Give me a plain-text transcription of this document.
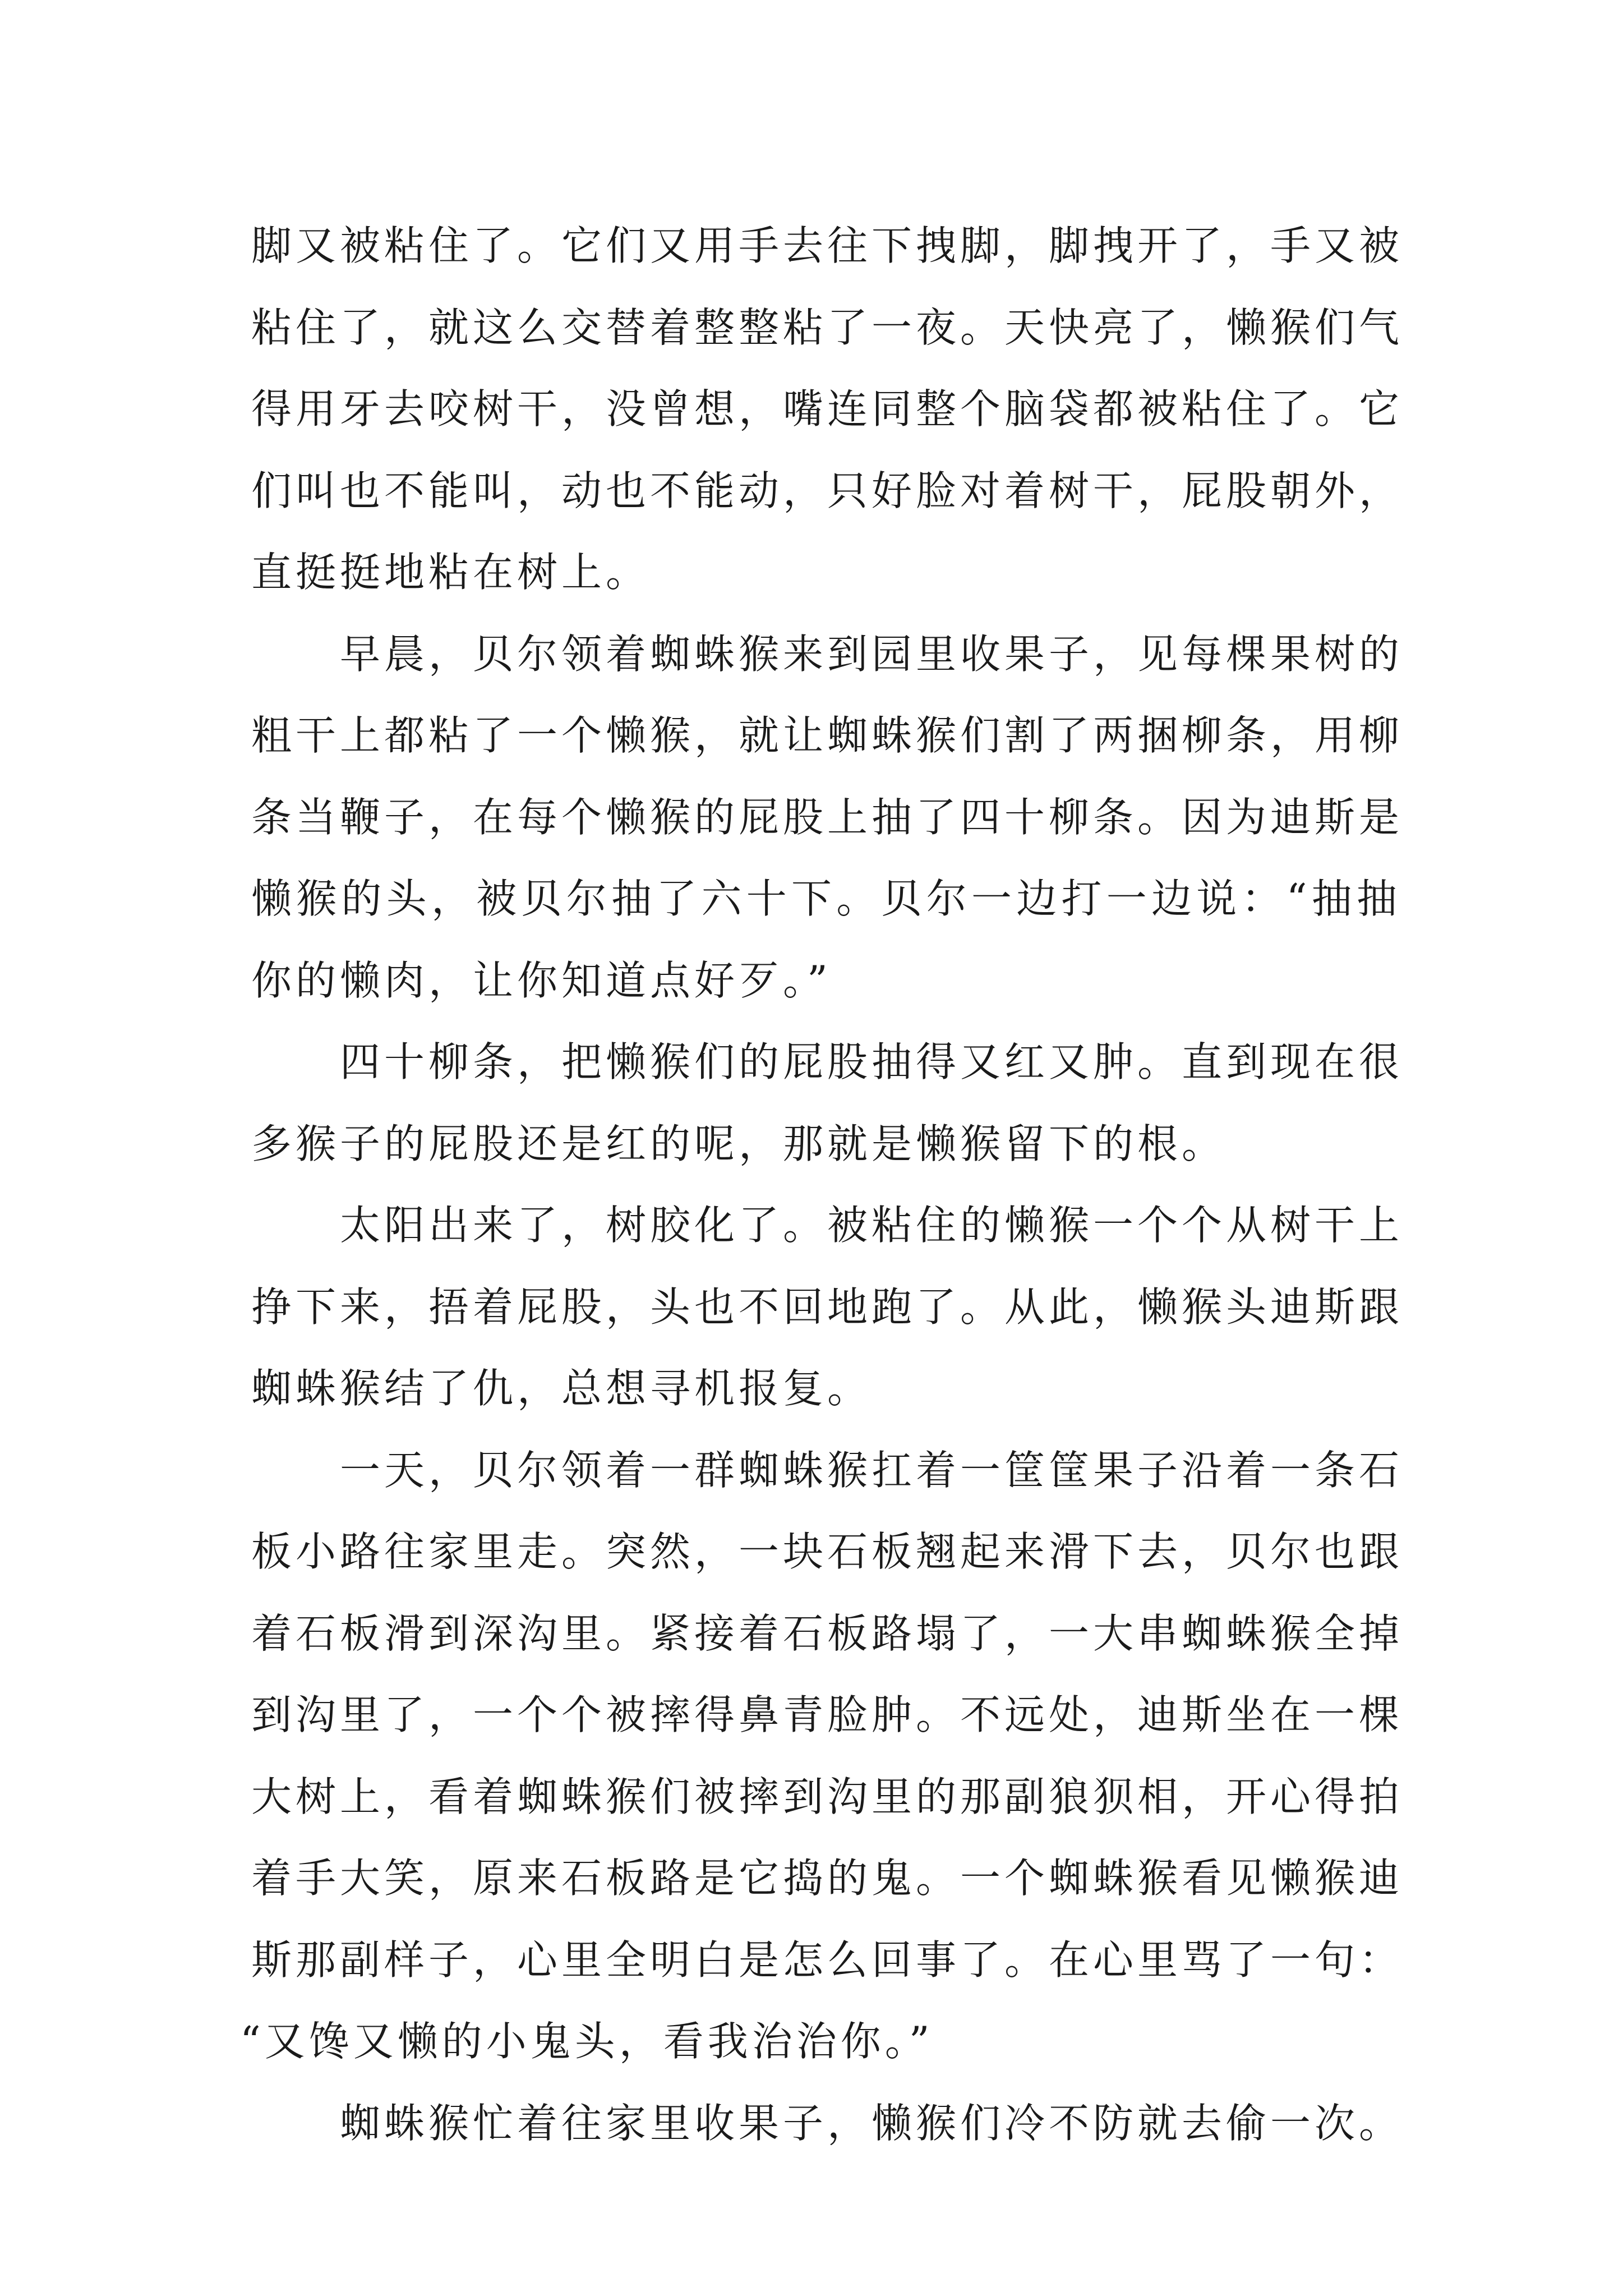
脚又被粘住了。它们又用手去往下拽脚，脚拽开了，手又被
粘住了，就这么交替着整整粘了一夜。天快亮了，懒猴们气
得用牙去咬树干，没曾想，嘴连同整个脑袋都被粘住了。它
们叫也不能叫，动也不能动，只好脸对着树干，屁股朝外，
直挺挺地粘在树上。
早晨，贝尔领着蜘蛛猴来到园里收果子，见每棵果树的
粗干上都粘了一个懒猴，就让蜘蛛猴们割了两捆柳条，用柳
条当鞭子，在每个懒猴的屁股上抽了四十柳条。因为迪斯是
懒猴的头，被贝尔抽了六十下。贝尔一边打一边说：“抽抽
你的懒肉，让你知道点好歹。”
四十柳条，把懒猴们的屁股抽得又红又肿。直到现在很
多猴子的屁股还是红的呢，那就是懒猴留下的根。
太阳出来了，树胶化了。被粘住的懒猴一个个从树干上
挣下来，捂着屁股，头也不回地跑了。从此，懒猴头迪斯跟
蜘蛛猴结了仇，总想寻机报复。
一天，贝尔领着一群蜘蛛猴扛着一筐筐果子沿着一条石
板小路往家里走。突然，一块石板翘起来滑下去，贝尔也跟
着石板滑到深沟里。紧接着石板路塌了，一大串蜘蛛猴全掉
到沟里了，一个个被摔得鼻青脸肿。不远处，迪斯坐在一棵
大树上，看着蜘蛛猴们被摔到沟里的那副狼狈相，开心得拍
着手大笑，原来石板路是它捣的鬼。一个蜘蛛猴看见懒猴迪
斯那副样子，心里全明白是怎么回事了。在心里骂了一句：
“又馋又懒的小鬼头，看我治治你。”
蜘蛛猴忙着往家里收果子，懒猴们冷不防就去偷一次。
